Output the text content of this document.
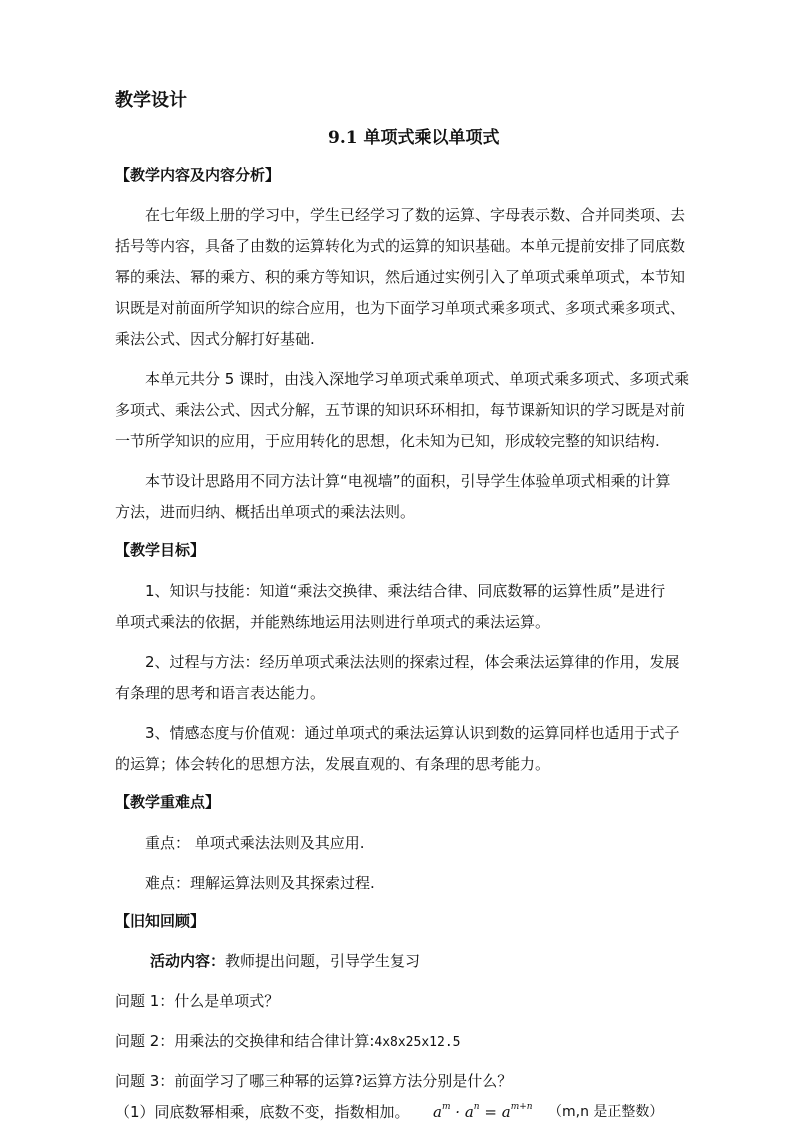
教学设计
9.1 单项式乘以单项式
【教学内容及内容分析】
在七年级上册的学习中，学生已经学习了数的运算、字母表示数、合并同类项、去
括号等内容，具备了由数的运算转化为式的运算的知识基础。本单元提前安排了同底数
幂的乘法、幂的乘方、积的乘方等知识，然后通过实例引入了单项式乘单项式，本节知
识既是对前面所学知识的综合应用，也为下面学习单项式乘多项式、多项式乘多项式、
乘法公式、因式分解打好基础.
本单元共分 5 课时，由浅入深地学习单项式乘单项式、单项式乘多项式、多项式乘
多项式、乘法公式、因式分解，五节课的知识环环相扣，每节课新知识的学习既是对前
一节所学知识的应用，于应用转化的思想，化未知为已知，形成较完整的知识结构.
本节设计思路用不同方法计算“电视墙”的面积，引导学生体验单项式相乘的计算
方法，进而归纳、概括出单项式的乘法法则。
【教学目标】
1、知识与技能：知道“乘法交换律、乘法结合律、同底数幂的运算性质”是进行
单项式乘法的依据，并能熟练地运用法则进行单项式的乘法运算。
2、过程与方法：经历单项式乘法法则的探索过程，体会乘法运算律的作用，发展
有条理的思考和语言表达能力。
3、情感态度与价值观：通过单项式的乘法运算认识到数的运算同样也适用于式子
的运算；体会转化的思想方法，发展直观的、有条理的思考能力。
【教学重难点】
重点： 单项式乘法法则及其应用.
难点：理解运算法则及其探索过程.
【旧知回顾】
活动内容：教师提出问题，引导学生复习
问题 1：什么是单项式？
问题 2：用乘法的交换律和结合律计算:4x8x25x12.5
问题 3：前面学习了哪三种幂的运算?运算方法分别是什么？
（1）同底数幂相乘，底数不变，指数相加。 $a^m \cdot a^n = a^{m+n}$ （m,n 是正整数）
